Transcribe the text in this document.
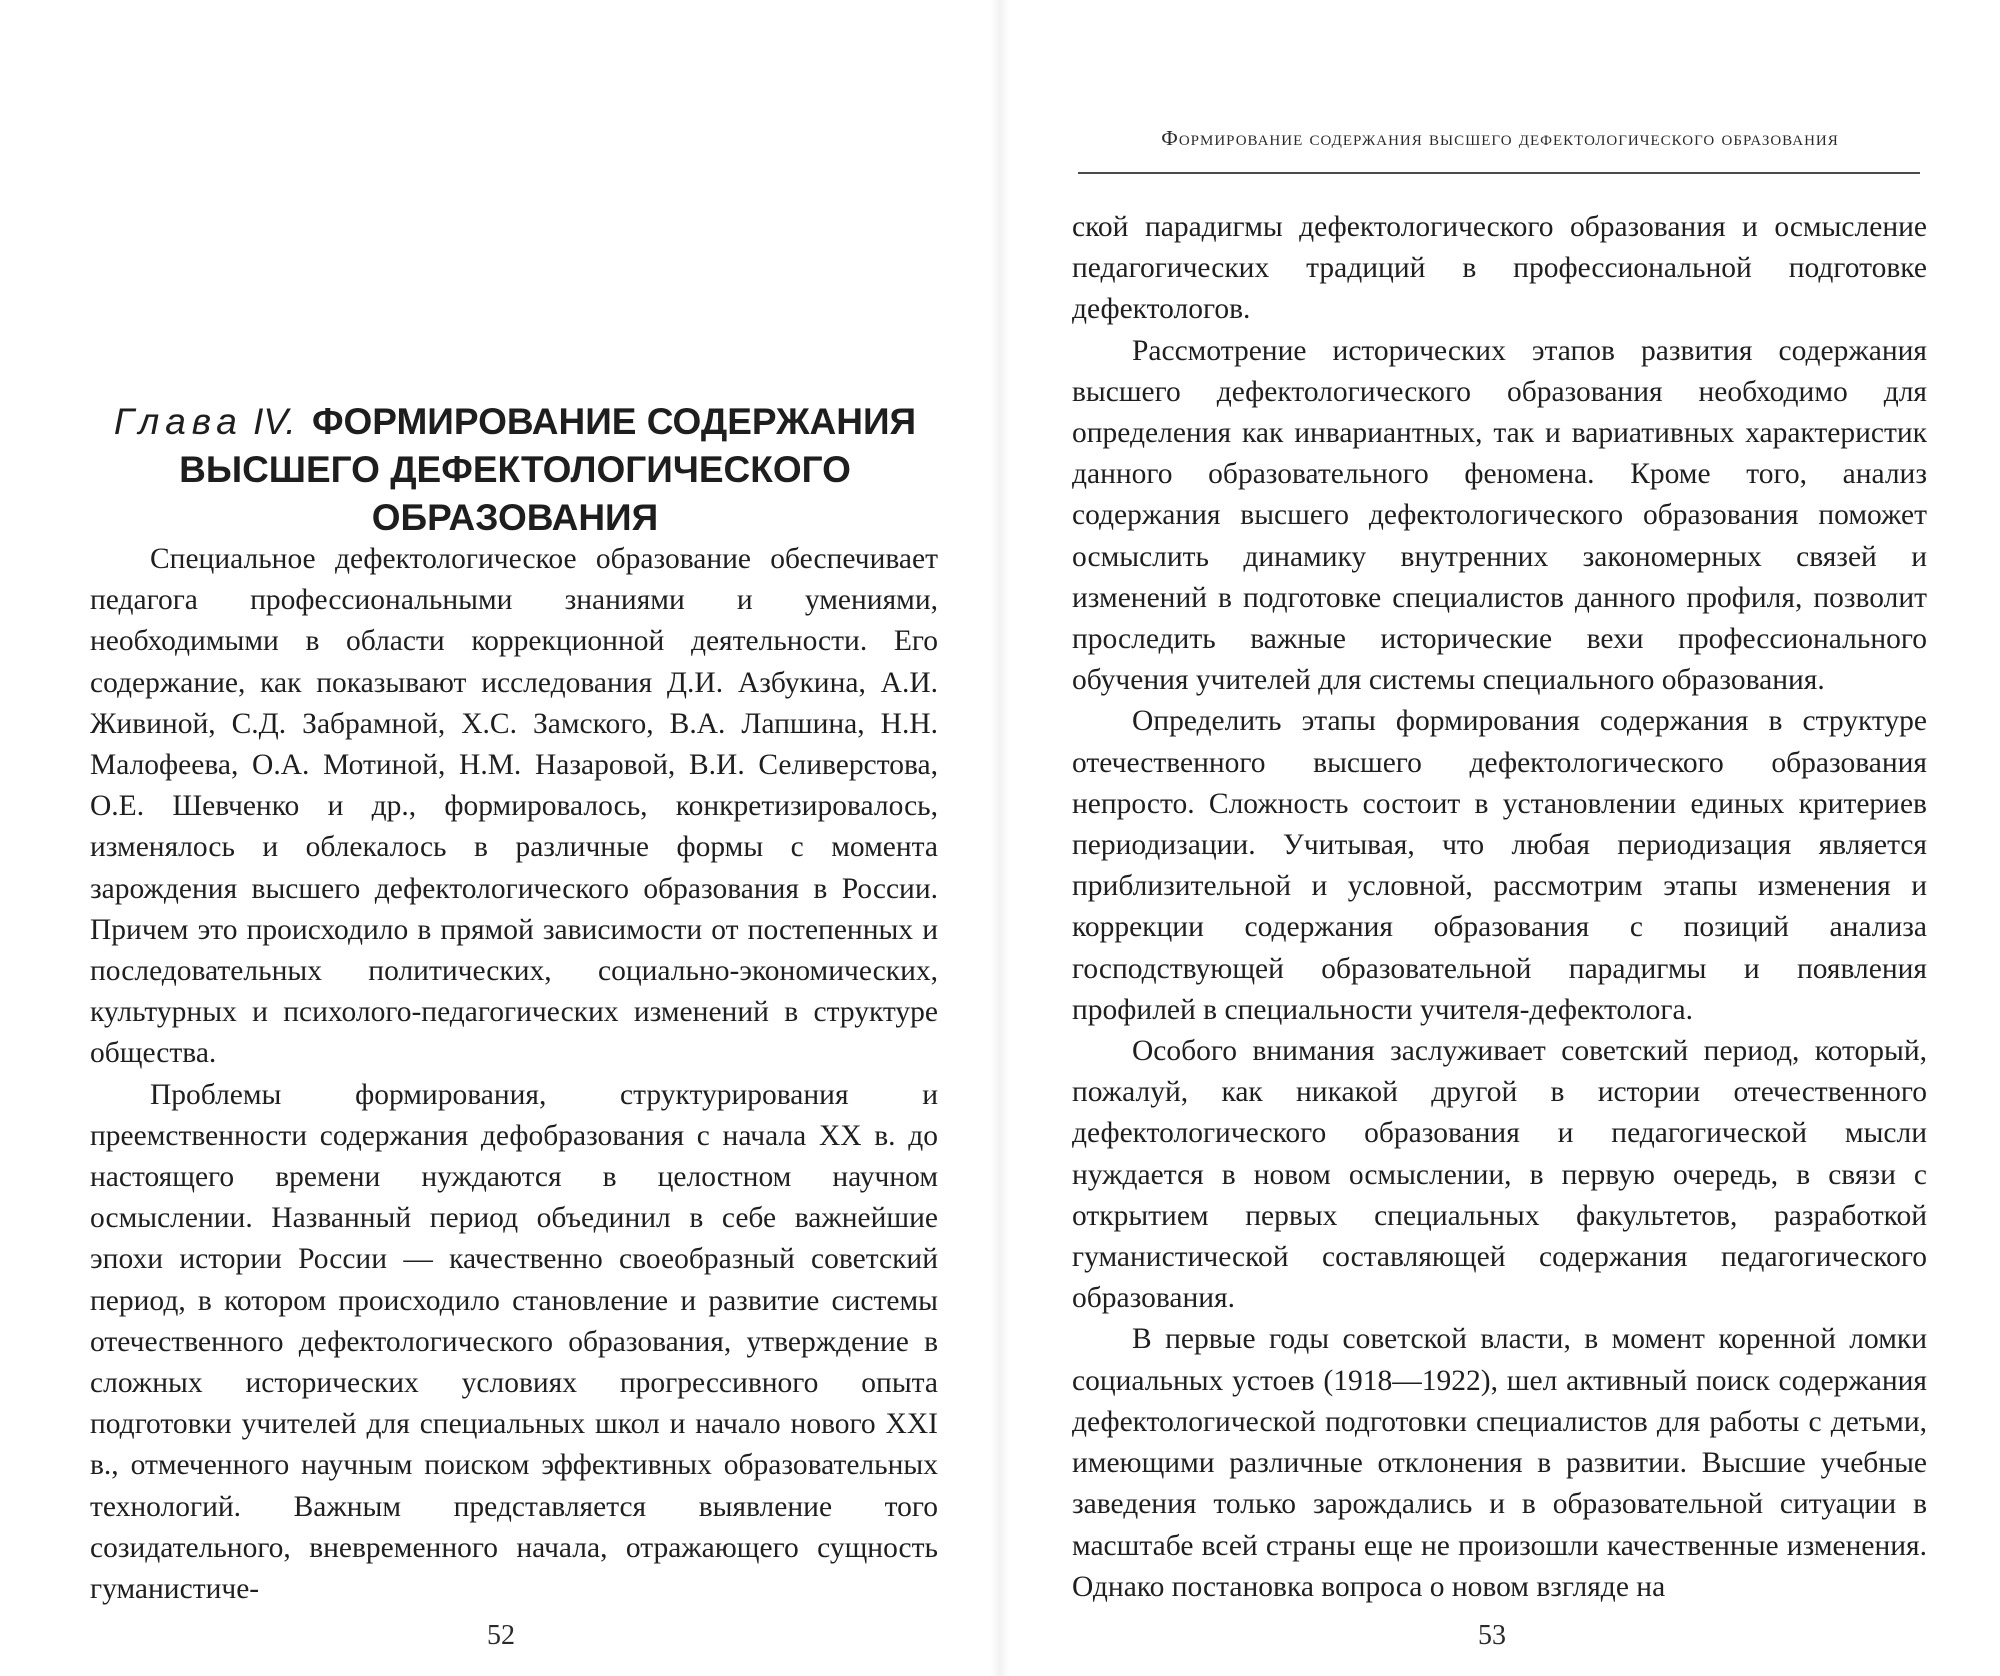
Глава IV. ФОРМИРОВАНИЕ СОДЕРЖАНИЯ
ВЫСШЕГО ДЕФЕКТОЛОГИЧЕСКОГО ОБРАЗОВАНИЯ

Специальное дефектологическое образование обеспечивает педагога профессиональными знаниями и умениями, необходимыми в области коррекционной деятельности. Его содержание, как показывают исследования Д.И. Азбукина, А.И. Живиной, С.Д. Забрамной, Х.С. Замского, В.А. Лапшина, Н.Н. Малофеева, О.А. Мотиной, Н.М. Назаровой, В.И. Селиверстова, О.Е. Шевченко и др., формировалось, конкретизировалось, изменялось и облекалось в различные формы с момента зарождения высшего дефектологического образования в России. Причем это происходило в прямой зависимости от постепенных и последовательных политических, социально-экономических, культурных и психолого-педагогических изменений в структуре общества.

Проблемы формирования, структурирования и преемственности содержания дефобразования с начала XX в. до настоящего времени нуждаются в целостном научном осмыслении. Названный период объединил в себе важнейшие эпохи истории России — качественно своеобразный советский период, в котором происходило становление и развитие системы отечественного дефектологического образования, утверждение в сложных исторических условиях прогрессивного опыта подготовки учителей для специальных школ и начало нового XXI в., отмеченного научным поиском эффективных образовательных технологий. Важным представляется выявление того созидательного, вневременного начала, отражающего сущность гуманистиче-

52
Формирование содержания высшего дефектологического образования

ской парадигмы дефектологического образования и осмысление педагогических традиций в профессиональной подготовке дефектологов.

Рассмотрение исторических этапов развития содержания высшего дефектологического образования необходимо для определения как инвариантных, так и вариативных характеристик данного образовательного феномена. Кроме того, анализ содержания высшего дефектологического образования поможет осмыслить динамику внутренних закономерных связей и изменений в подготовке специалистов данного профиля, позволит проследить важные исторические вехи профессионального обучения учителей для системы специального образования.

Определить этапы формирования содержания в структуре отечественного высшего дефектологического образования непросто. Сложность состоит в установлении единых критериев периодизации. Учитывая, что любая периодизация является приблизительной и условной, рассмотрим этапы изменения и коррекции содержания образования с позиций анализа господствующей образовательной парадигмы и появления профилей в специальности учителя-дефектолога.

Особого внимания заслуживает советский период, который, пожалуй, как никакой другой в истории отечественного дефектологического образования и педагогической мысли нуждается в новом осмыслении, в первую очередь, в связи с открытием первых специальных факультетов, разработкой гуманистической составляющей содержания педагогического образования.

В первые годы советской власти, в момент коренной ломки социальных устоев (1918—1922), шел активный поиск содержания дефектологической подготовки специалистов для работы с детьми, имеющими различные отклонения в развитии. Высшие учебные заведения только зарождались и в образовательной ситуации в масштабе всей страны еще не произошли качественные изменения. Однако постановка вопроса о новом взгляде на

53
